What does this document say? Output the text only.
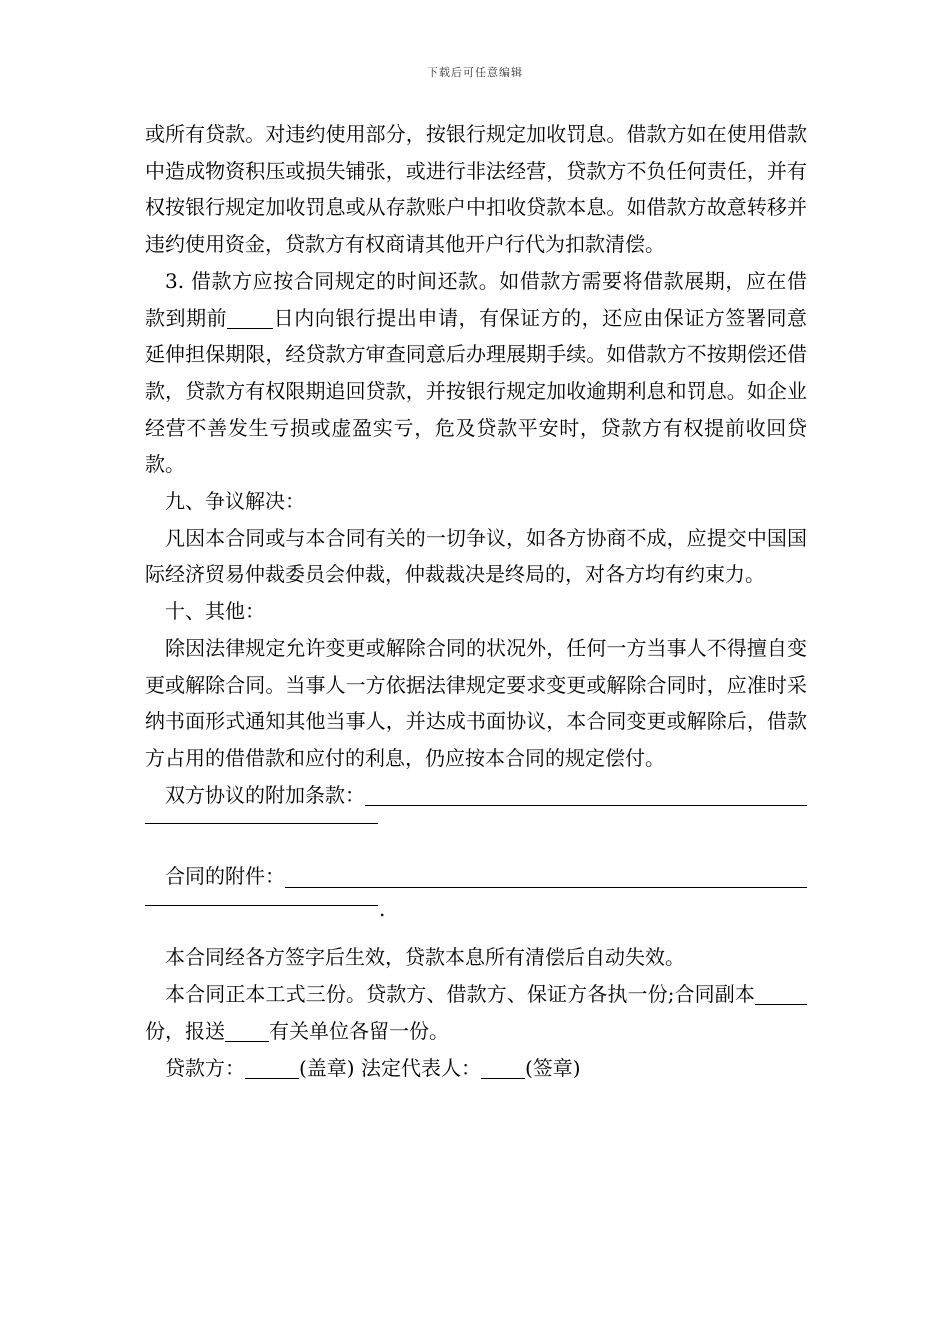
下载后可任意编辑

或所有贷款。对违约使用部分，按银行规定加收罚息。借款方如在使用借款中造成物资积压或损失铺张，或进行非法经营，贷款方不负任何责任，并有权按银行规定加收罚息或从存款账户中扣收贷款本息。如借款方故意转移并违约使用资金，贷款方有权商请其他开户行代为扣款清偿。

3. 借款方应按合同规定的时间还款。如借款方需要将借款展期，应在借款到期前 日内向银行提出申请，有保证方的，还应由保证方签署同意延伸担保期限，经贷款方审查同意后办理展期手续。如借款方不按期偿还借款，贷款方有权限期追回贷款，并按银行规定加收逾期利息和罚息。如企业经营不善发生亏损或虚盈实亏，危及贷款平安时，贷款方有权提前收回贷款。

九、争议解决：

凡因本合同或与本合同有关的一切争议，如各方协商不成，应提交中国国际经济贸易仲裁委员会仲裁，仲裁裁决是终局的，对各方均有约束力。

十、其他：

除因法律规定允许变更或解除合同的状况外，任何一方当事人不得擅自变更或解除合同。当事人一方依据法律规定要求变更或解除合同时，应准时采纳书面形式通知其他当事人，并达成书面协议，本合同变更或解除后，借款方占用的借借款和应付的利息，仍应按本合同的规定偿付。

双方协议的附加条款：

合同的附件：

.

本合同经各方签字后生效，贷款本息所有清偿后自动失效。

本合同正本工式三份。贷款方、借款方、保证方各执一份;合同副本份，报送 有关单位各留一份。

贷款方：	(盖章) 法定代表人： (签章)
